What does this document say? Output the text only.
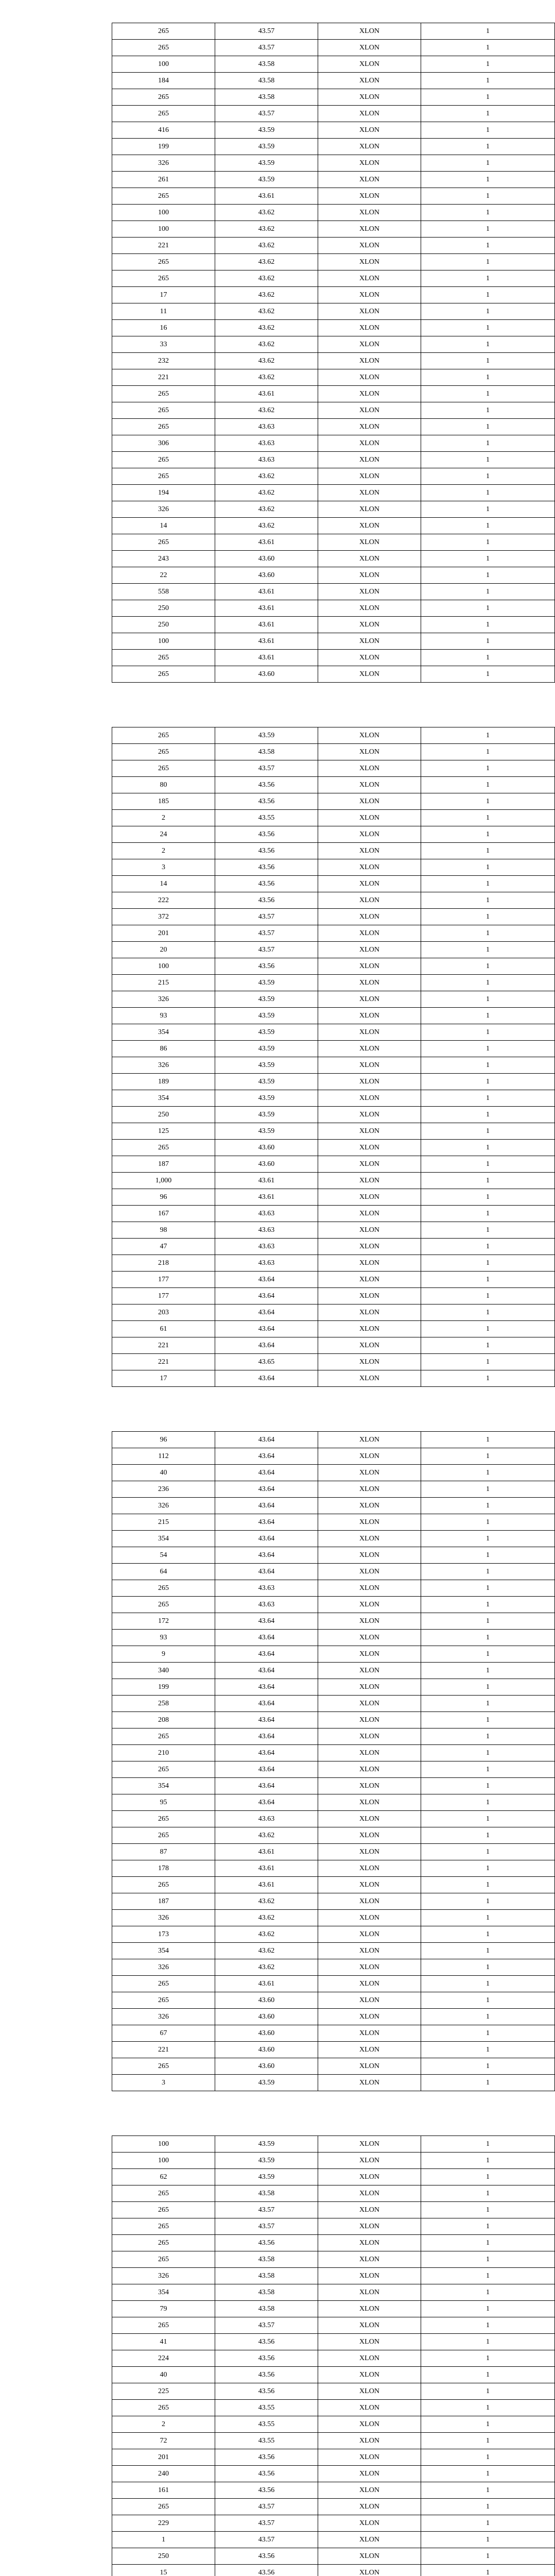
265	43.57	XLON	1
265	43.57	XLON	1
100	43.58	XLON	1
184	43.58	XLON	1
265	43.58	XLON	1
265	43.57	XLON	1
416	43.59	XLON	1
199	43.59	XLON	1
326	43.59	XLON	1
261	43.59	XLON	1
265	43.61	XLON	1
100	43.62	XLON	1
100	43.62	XLON	1
221	43.62	XLON	1
265	43.62	XLON	1
265	43.62	XLON	1
17	43.62	XLON	1
11	43.62	XLON	1
16	43.62	XLON	1
33	43.62	XLON	1
232	43.62	XLON	1
221	43.62	XLON	1
265	43.61	XLON	1
265	43.62	XLON	1
265	43.63	XLON	1
306	43.63	XLON	1
265	43.63	XLON	1
265	43.62	XLON	1
194	43.62	XLON	1
326	43.62	XLON	1
14	43.62	XLON	1
265	43.61	XLON	1
243	43.60	XLON	1
22	43.60	XLON	1
558	43.61	XLON	1
250	43.61	XLON	1
250	43.61	XLON	1
100	43.61	XLON	1
265	43.61	XLON	1
265	43.60	XLON	1
265	43.59	XLON	1
265	43.58	XLON	1
265	43.57	XLON	1
80	43.56	XLON	1
185	43.56	XLON	1
2	43.55	XLON	1
24	43.56	XLON	1
2	43.56	XLON	1
3	43.56	XLON	1
14	43.56	XLON	1
222	43.56	XLON	1
372	43.57	XLON	1
201	43.57	XLON	1
20	43.57	XLON	1
100	43.56	XLON	1
215	43.59	XLON	1
326	43.59	XLON	1
93	43.59	XLON	1
354	43.59	XLON	1
86	43.59	XLON	1
326	43.59	XLON	1
189	43.59	XLON	1
354	43.59	XLON	1
250	43.59	XLON	1
125	43.59	XLON	1
265	43.60	XLON	1
187	43.60	XLON	1
1,000	43.61	XLON	1
96	43.61	XLON	1
167	43.63	XLON	1
98	43.63	XLON	1
47	43.63	XLON	1
218	43.63	XLON	1
177	43.64	XLON	1
177	43.64	XLON	1
203	43.64	XLON	1
61	43.64	XLON	1
221	43.64	XLON	1
221	43.65	XLON	1
17	43.64	XLON	1
96	43.64	XLON	1
112	43.64	XLON	1
40	43.64	XLON	1
236	43.64	XLON	1
326	43.64	XLON	1
215	43.64	XLON	1
354	43.64	XLON	1
54	43.64	XLON	1
64	43.64	XLON	1
265	43.63	XLON	1
265	43.63	XLON	1
172	43.64	XLON	1
93	43.64	XLON	1
9	43.64	XLON	1
340	43.64	XLON	1
199	43.64	XLON	1
258	43.64	XLON	1
208	43.64	XLON	1
265	43.64	XLON	1
210	43.64	XLON	1
265	43.64	XLON	1
354	43.64	XLON	1
95	43.64	XLON	1
265	43.63	XLON	1
265	43.62	XLON	1
87	43.61	XLON	1
178	43.61	XLON	1
265	43.61	XLON	1
187	43.62	XLON	1
326	43.62	XLON	1
173	43.62	XLON	1
354	43.62	XLON	1
326	43.62	XLON	1
265	43.61	XLON	1
265	43.60	XLON	1
326	43.60	XLON	1
67	43.60	XLON	1
221	43.60	XLON	1
265	43.60	XLON	1
3	43.59	XLON	1
100	43.59	XLON	1
100	43.59	XLON	1
62	43.59	XLON	1
265	43.58	XLON	1
265	43.57	XLON	1
265	43.57	XLON	1
265	43.56	XLON	1
265	43.58	XLON	1
326	43.58	XLON	1
354	43.58	XLON	1
79	43.58	XLON	1
265	43.57	XLON	1
41	43.56	XLON	1
224	43.56	XLON	1
40	43.56	XLON	1
225	43.56	XLON	1
265	43.55	XLON	1
2	43.55	XLON	1
72	43.55	XLON	1
201	43.56	XLON	1
240	43.56	XLON	1
161	43.56	XLON	1
265	43.57	XLON	1
229	43.57	XLON	1
1	43.57	XLON	1
250	43.56	XLON	1
15	43.56	XLON	1
